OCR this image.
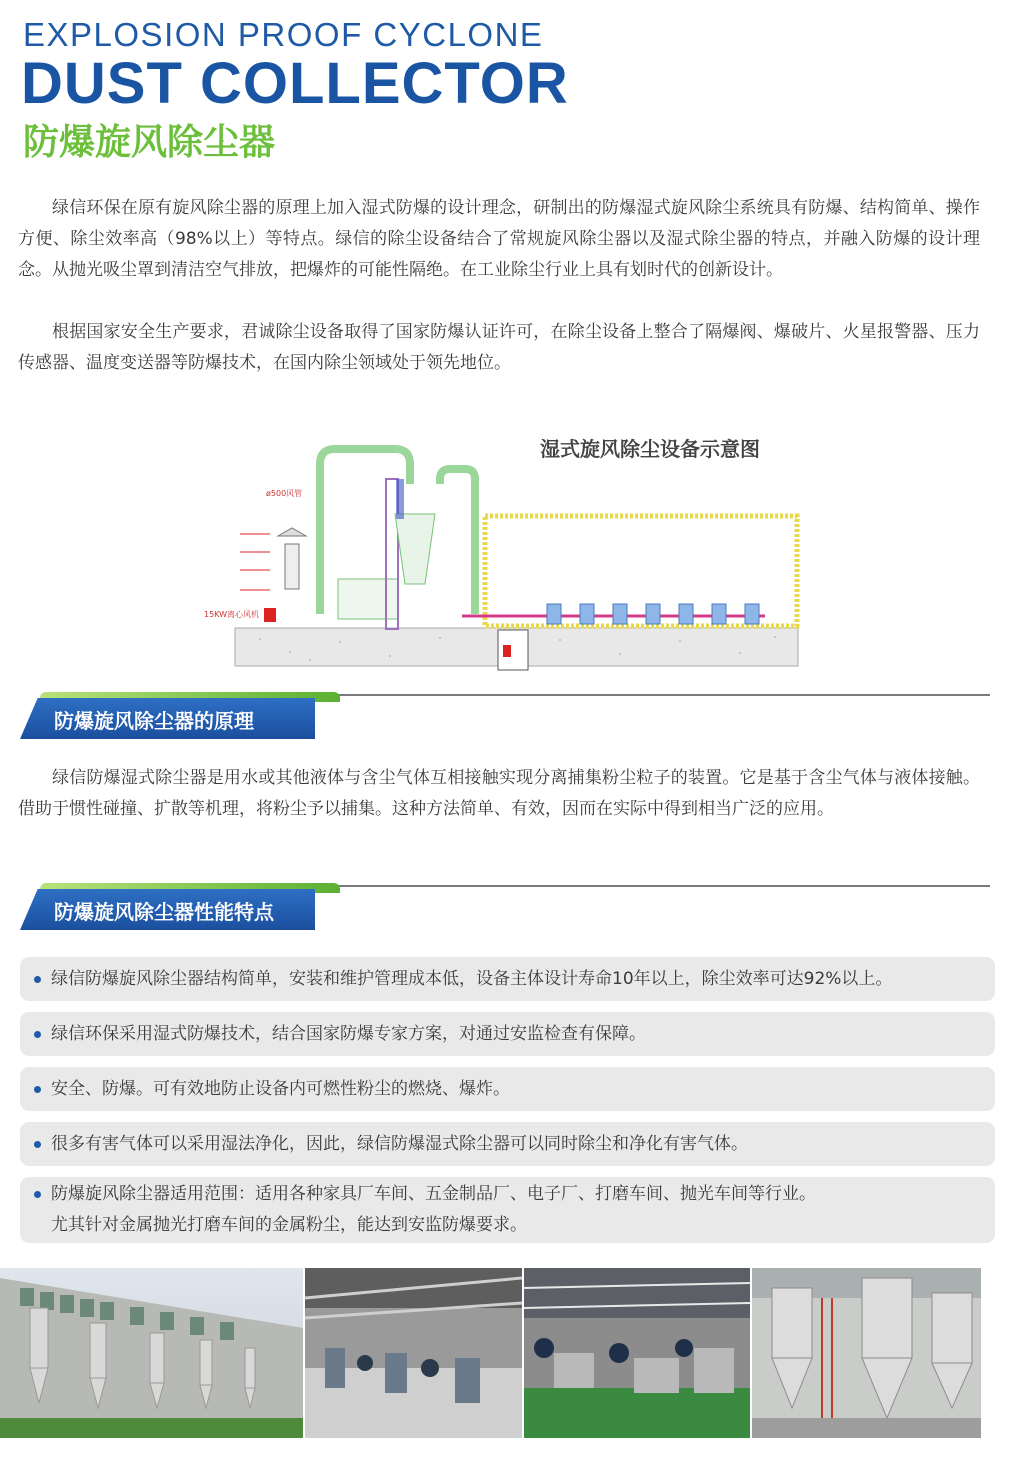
EXPLOSION PROOF CYCLONE
DUST COLLECTOR
防爆旋风除尘器

绿信环保在原有旋风除尘器的原理上加入湿式防爆的设计理念，研制出的防爆湿式旋风除尘系统具有防爆、结构简单、操作方便、除尘效率高（98%以上）等特点。绿信的除尘设备结合了常规旋风除尘器以及湿式除尘器的特点，并融入防爆的设计理念。从抛光吸尘罩到清洁空气排放，把爆炸的可能性隔绝。在工业除尘行业上具有划时代的创新设计。

根据国家安全生产要求，君诚除尘设备取得了国家防爆认证许可，在除尘设备上整合了隔爆阀、爆破片、火星报警器、压力传感器、温度变送器等防爆技术，在国内除尘领域处于领先地位。

ø500风管
15KW离心风机
湿式旋风除尘设备示意图
防爆旋风除尘器的原理

绿信防爆湿式除尘器是用水或其他液体与含尘气体互相接触实现分离捕集粉尘粒子的装置。它是基于含尘气体与液体接触。借助于惯性碰撞、扩散等机理，将粉尘予以捕集。这种方法简单、有效，因而在实际中得到相当广泛的应用。

防爆旋风除尘器性能特点
绿信防爆旋风除尘器结构简单，安装和维护管理成本低，设备主体设计寿命10年以上，除尘效率可达92%以上。
绿信环保采用湿式防爆技术，结合国家防爆专家方案，对通过安监检查有保障。
安全、防爆。可有效地防止设备内可燃性粉尘的燃烧、爆炸。
很多有害气体可以采用湿法净化，因此，绿信防爆湿式除尘器可以同时除尘和净化有害气体。
防爆旋风除尘器适用范围：适用各种家具厂车间、五金制品厂、电子厂、打磨车间、抛光车间等行业。
尤其针对金属抛光打磨车间的金属粉尘，能达到安监防爆要求。
